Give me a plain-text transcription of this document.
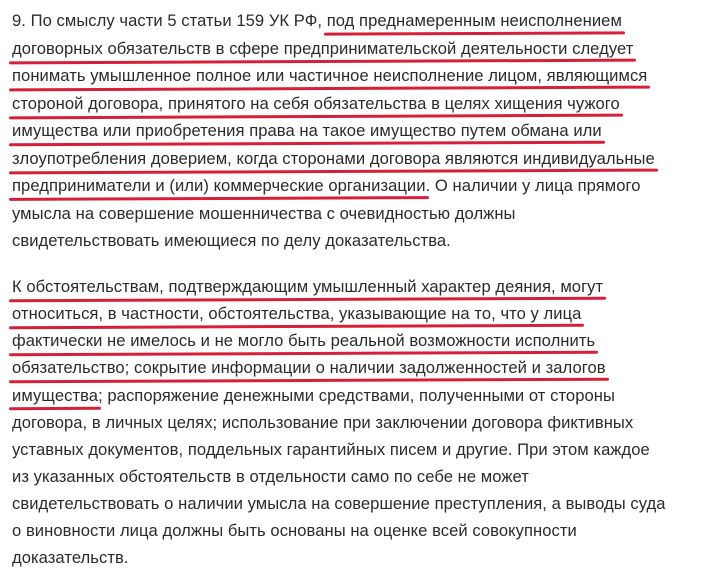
9. По смыслу части 5 статьи 159 УК РФ, под преднамеренным неисполнением
договорных обязательств в сфере предпринимательской деятельности следует
понимать умышленное полное или частичное неисполнение лицом, являющимся
стороной договора, принятого на себя обязательства в целях хищения чужого
имущества или приобретения права на такое имущество путем обмана или
злоупотребления доверием, когда сторонами договора являются индивидуальные
предприниматели и (или) коммерческие организации. О наличии у лица прямого
умысла на совершение мошенничества с очевидностью должны
свидетельствовать имеющиеся по делу доказательства.
К обстоятельствам, подтверждающим умышленный характер деяния, могут
относиться, в частности, обстоятельства, указывающие на то, что у лица
фактически не имелось и не могло быть реальной возможности исполнить
обязательство; сокрытие информации о наличии задолженностей и залогов
имущества; распоряжение денежными средствами, полученными от стороны
договора, в личных целях; использование при заключении договора фиктивных
уставных документов, поддельных гарантийных писем и другие. При этом каждое
из указанных обстоятельств в отдельности само по себе не может
свидетельствовать о наличии умысла на совершение преступления, а выводы суда
о виновности лица должны быть основаны на оценке всей совокупности
доказательств.
